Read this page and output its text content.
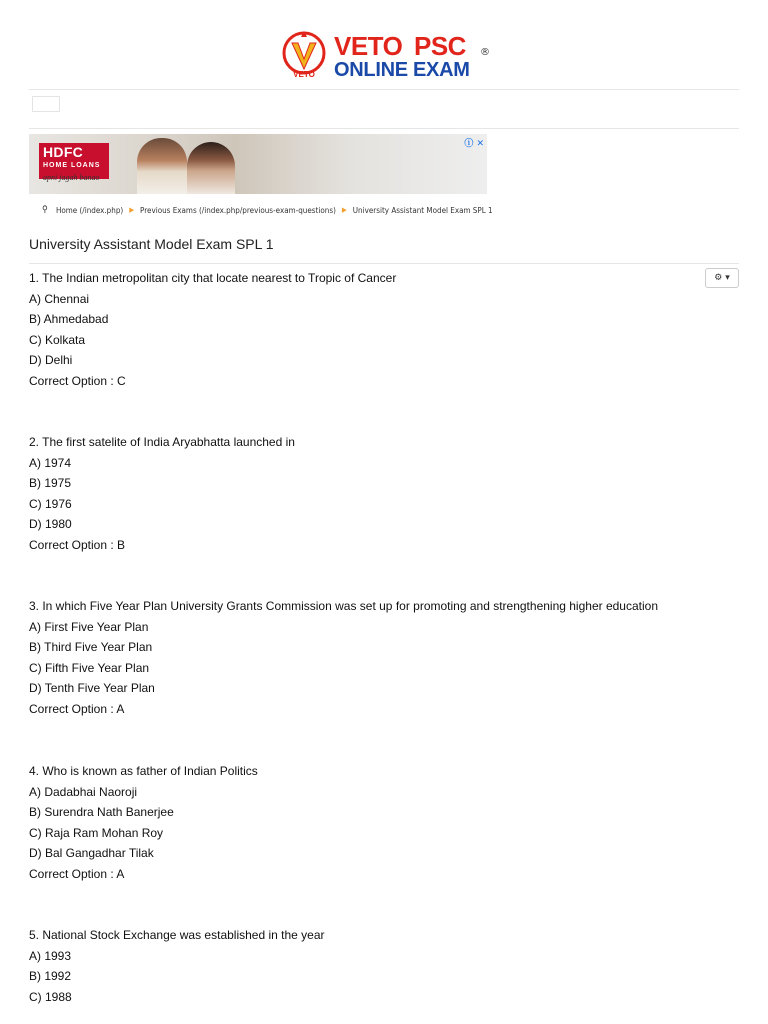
VETO
VETO PSC
ONLINE EXAM
®
HDFC
HOME LOANS
apni jagah banao
ⓘ ✕
⚲ Home (/index.php) ▶ Previous Exams (/index.php/previous-exam-questions) ▶ University Assistant Model Exam SPL 1
University Assistant Model Exam SPL 1
⚙ ▾
1. The Indian metropolitan city that locate nearest to Tropic of Cancer
A) Chennai
B) Ahmedabad
C) Kolkata
D) Delhi
Correct Option : C
2. The first satelite of India Aryabhatta launched in
A) 1974
B) 1975
C) 1976
D) 1980
Correct Option : B
3. In which Five Year Plan University Grants Commission was set up for promoting and strengthening higher education
A) First Five Year Plan
B) Third Five Year Plan
C) Fifth Five Year Plan
D) Tenth Five Year Plan
Correct Option : A
4. Who is known as father of Indian Politics
A) Dadabhai Naoroji
B) Surendra Nath Banerjee
C) Raja Ram Mohan Roy
D) Bal Gangadhar Tilak
Correct Option : A
5. National Stock Exchange was established in the year
A) 1993
B) 1992
C) 1988
